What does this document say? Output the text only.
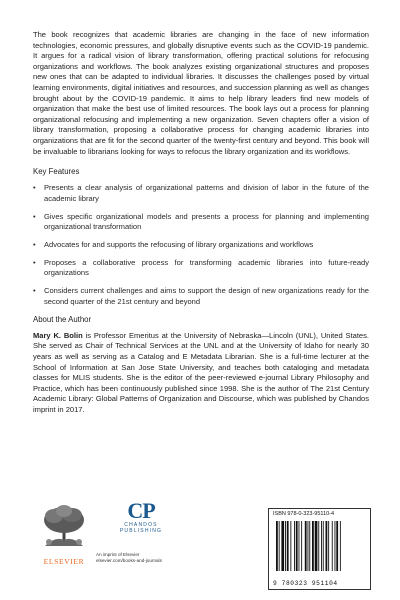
The book recognizes that academic libraries are changing in the face of new information technologies, economic pressures, and globally disruptive events such as the COVID-19 pandemic. It argues for a radical vision of library transformation, offering practical solutions for refocusing organizations and workflows. The book analyzes existing organizational structures and proposes new ones that can be adapted to individual libraries. It discusses the challenges posed by virtual learning environments, digital initiatives and resources, and succession planning as well as changes brought about by the COVID-19 pandemic. It aims to help library leaders find new models of organization that make the best use of limited resources. The book lays out a process for planning organizational refocusing and implementing a new organization. Seven chapters offer a vision of library transformation, proposing a collaborative process for changing academic libraries into organizations that are fit for the second quarter of the twenty-first century and beyond. This book will be invaluable to librarians looking for ways to refocus the library organization and its workflows.

Key Features

• Presents a clear analysis of organizational patterns and division of labor in the future of the academic library
• Gives specific organizational models and presents a process for planning and implementing organizational transformation
• Advocates for and supports the refocusing of library organizations and workflows
• Proposes a collaborative process for transforming academic libraries into future-ready organizations
• Considers current challenges and aims to support the design of new organizations ready for the second quarter of the 21st century and beyond

About the Author

Mary K. Bolin is Professor Emeritus at the University of Nebraska—Lincoln (UNL), United States. She served as Chair of Technical Services at the UNL and at the University of Idaho for nearly 30 years as well as serving as a Catalog and E Metadata Librarian. She is a full-time lecturer at the School of Information at San Jose State University, and teaches both cataloging and metadata classes for MLIS students. She is the editor of the peer-reviewed e-journal Library Philosophy and Practice, which has been continuously published since 1998. She is the author of The 21st Century Academic Library: Global Patterns of Organization and Discourse, which was published by Chandos imprint in 2017.

ELSEVIER
CP
CHANDOS
PUBLISHING
An imprint of Elsevier
elsevier.com/books-and-journals
ISBN 978-0-323-95110-4
9 780323 951104
